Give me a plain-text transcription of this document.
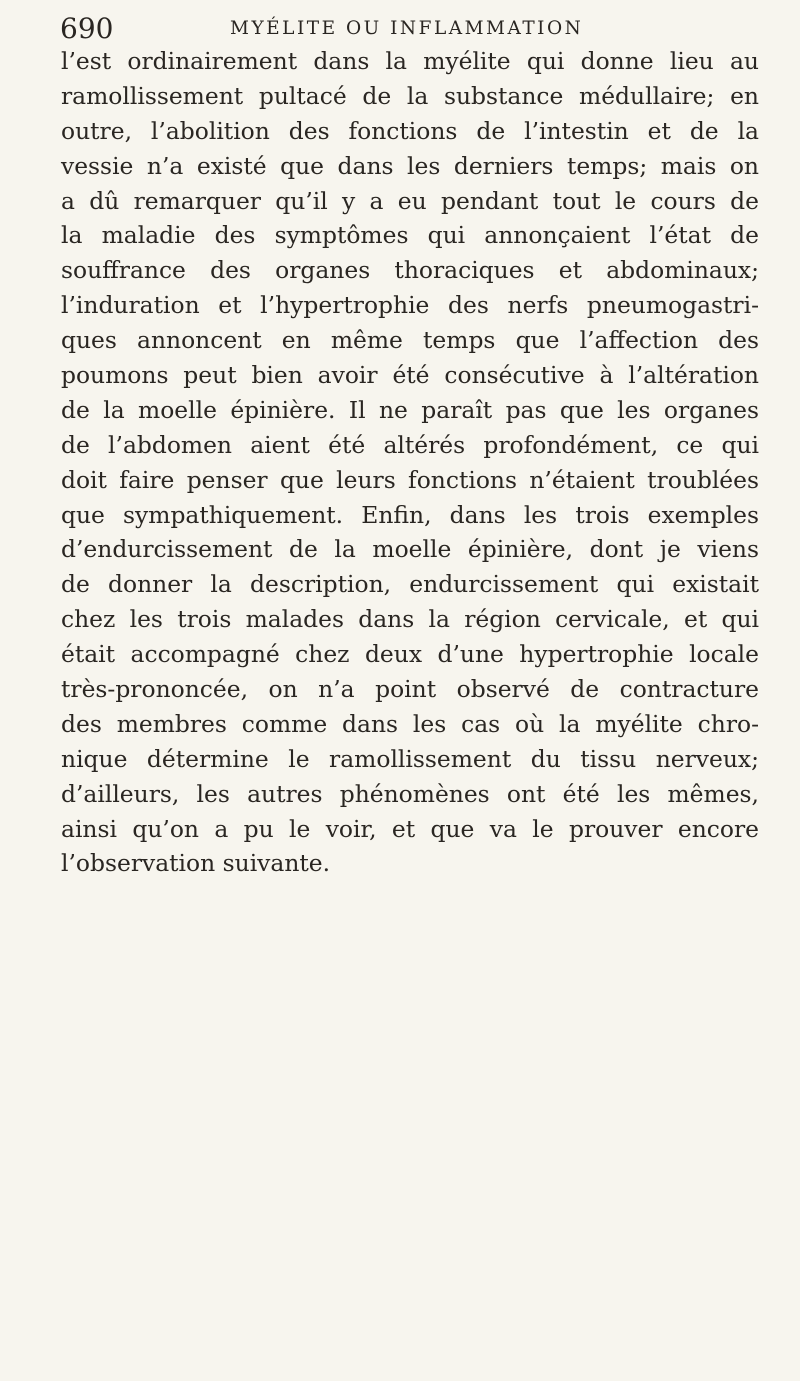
690	MYÉLITE OU INFLAMMATION
l’est ordinairement dans la myélite qui donne lieu au
ramollissement pultacé de la substance médullaire; en
outre, l’abolition des fonctions de l’intestin et de la
vessie n’a existé que dans les derniers temps; mais on
a dû remarquer qu’il y a eu pendant tout le cours de
la maladie des symptômes qui annonçaient l’état de
souffrance des organes thoraciques et abdominaux;
l’induration et l’hypertrophie des nerfs pneumogastri-
ques annoncent en même temps que l’affection des
poumons peut bien avoir été consécutive à l’altération
de la moelle épinière. Il ne paraît pas que les organes
de l’abdomen aient été altérés profondément, ce qui
doit faire penser que leurs fonctions n’étaient troublées
que sympathiquement. Enfin, dans les trois exemples
d’endurcissement de la moelle épinière, dont je viens
de donner la description, endurcissement qui existait
chez les trois malades dans la région cervicale, et qui
était accompagné chez deux d’une hypertrophie locale
très-prononcée, on n’a point observé de contracture
des membres comme dans les cas où la myélite chro-
nique détermine le ramollissement du tissu nerveux;
d’ailleurs, les autres phénomènes ont été les mêmes,
ainsi qu’on a pu le voir, et que va le prouver encore
l’observation suivante.
